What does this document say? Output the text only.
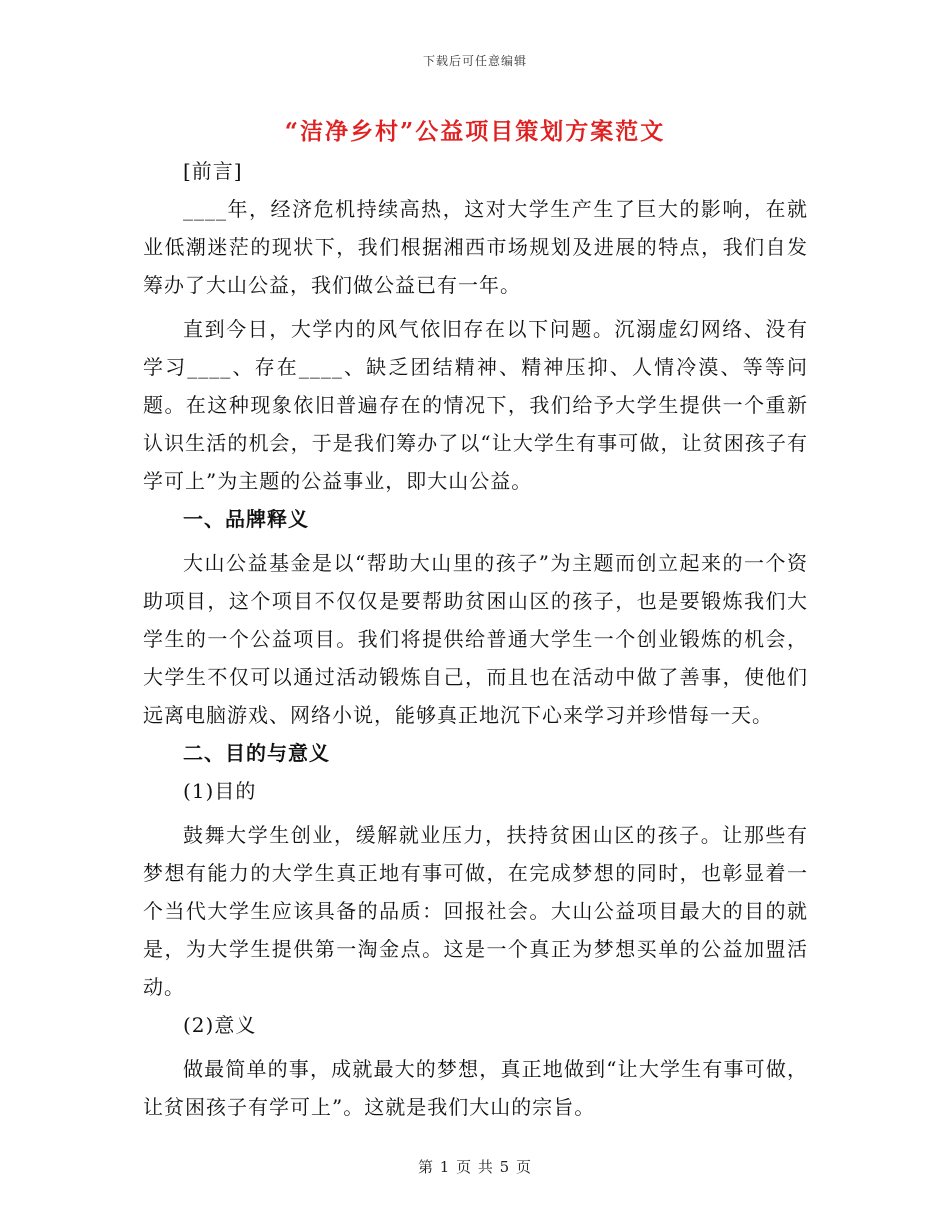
下载后可任意编辑
“洁净乡村”公益项目策划方案范文

[前言]

____年，经济危机持续高热，这对大学生产生了巨大的影响，在就业低潮迷茫的现状下，我们根据湘西市场规划及进展的特点，我们自发筹办了大山公益，我们做公益已有一年。

直到今日，大学内的风气依旧存在以下问题。沉溺虚幻网络、没有学习____、存在____、缺乏团结精神、精神压抑、人情冷漠、等等问题。在这种现象依旧普遍存在的情况下，我们给予大学生提供一个重新认识生活的机会，于是我们筹办了以“让大学生有事可做，让贫困孩子有学可上”为主题的公益事业，即大山公益。

一、品牌释义

大山公益基金是以“帮助大山里的孩子”为主题而创立起来的一个资助项目，这个项目不仅仅是要帮助贫困山区的孩子，也是要锻炼我们大学生的一个公益项目。我们将提供给普通大学生一个创业锻炼的机会，大学生不仅可以通过活动锻炼自己，而且也在活动中做了善事，使他们远离电脑游戏、网络小说，能够真正地沉下心来学习并珍惜每一天。

二、目的与意义

(1)目的

鼓舞大学生创业，缓解就业压力，扶持贫困山区的孩子。让那些有梦想有能力的大学生真正地有事可做，在完成梦想的同时，也彰显着一个当代大学生应该具备的品质：回报社会。大山公益项目最大的目的就是，为大学生提供第一淘金点。这是一个真正为梦想买单的公益加盟活动。

(2)意义

做最简单的事，成就最大的梦想，真正地做到“让大学生有事可做，让贫困孩子有学可上”。这就是我们大山的宗旨。

第 1 页 共 5 页
